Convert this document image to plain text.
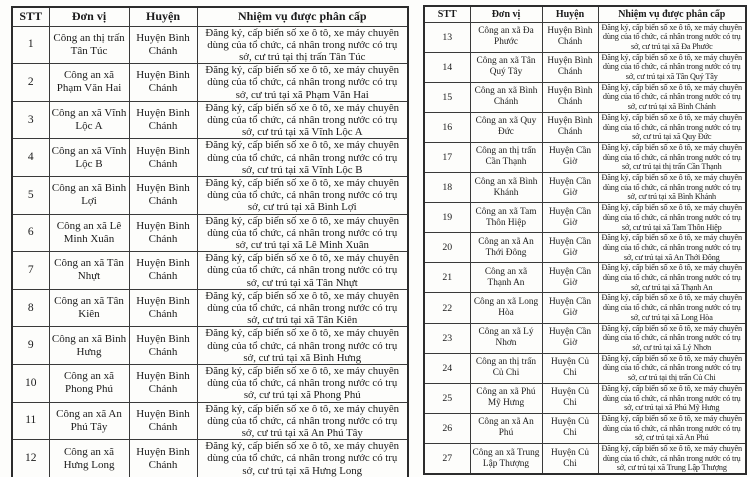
STT	Đơn vị	Huyện	Nhiệm vụ được phân cấp
1	Công an thị trấn Tân Túc	Huyện Bình Chánh	Đăng ký, cấp biển số xe ô tô, xe máy chuyên dùng của tổ chức, cá nhân trong nước có trụ sở, cư trú tại thị trấn Tân Túc
2	Công an xã Phạm Văn Hai	Huyện Bình Chánh	Đăng ký, cấp biển số xe ô tô, xe máy chuyên dùng của tổ chức, cá nhân trong nước có trụ sở, cư trú tại xã Phạm Văn Hai
3	Công an xã Vĩnh Lộc A	Huyện Bình Chánh	Đăng ký, cấp biển số xe ô tô, xe máy chuyên dùng của tổ chức, cá nhân trong nước có trụ sở, cư trú tại xã Vĩnh Lộc A
4	Công an xã Vĩnh Lộc B	Huyện Bình Chánh	Đăng ký, cấp biển số xe ô tô, xe máy chuyên dùng của tổ chức, cá nhân trong nước có trụ sở, cư trú tại xã Vĩnh Lộc B
5	Công an xã Bình Lợi	Huyện Bình Chánh	Đăng ký, cấp biển số xe ô tô, xe máy chuyên dùng của tổ chức, cá nhân trong nước có trụ sở, cư trú tại xã Bình Lợi
6	Công an xã Lê Minh Xuân	Huyện Bình Chánh	Đăng ký, cấp biển số xe ô tô, xe máy chuyên dùng của tổ chức, cá nhân trong nước có trụ sở, cư trú tại xã Lê Minh Xuân
7	Công an xã Tân Nhựt	Huyện Bình Chánh	Đăng ký, cấp biển số xe ô tô, xe máy chuyên dùng của tổ chức, cá nhân trong nước có trụ sở, cư trú tại xã Tân Nhựt
8	Công an xã Tân Kiên	Huyện Bình Chánh	Đăng ký, cấp biển số xe ô tô, xe máy chuyên dùng của tổ chức, cá nhân trong nước có trụ sở, cư trú tại xã Tân Kiên
9	Công an xã Bình Hưng	Huyện Bình Chánh	Đăng ký, cấp biển số xe ô tô, xe máy chuyên dùng của tổ chức, cá nhân trong nước có trụ sở, cư trú tại xã Bình Hưng
10	Công an xã Phong Phú	Huyện Bình Chánh	Đăng ký, cấp biển số xe ô tô, xe máy chuyên dùng của tổ chức, cá nhân trong nước có trụ sở, cư trú tại xã Phong Phú
11	Công an xã An Phú Tây	Huyện Bình Chánh	Đăng ký, cấp biển số xe ô tô, xe máy chuyên dùng của tổ chức, cá nhân trong nước có trụ sở, cư trú tại xã An Phú Tây
12	Công an xã Hưng Long	Huyện Bình Chánh	Đăng ký, cấp biển số xe ô tô, xe máy chuyên dùng của tổ chức, cá nhân trong nước có trụ sở, cư trú tại xã Hưng Long
STT	Đơn vị	Huyện	Nhiệm vụ được phân cấp
13	Công an xã Đa Phước	Huyện Bình Chánh	Đăng ký, cấp biển số xe ô tô, xe máy chuyên dùng của tổ chức, cá nhân trong nước có trụ sở, cư trú tại xã Đa Phước
14	Công an xã Tân Quý Tây	Huyện Bình Chánh	Đăng ký, cấp biển số xe ô tô, xe máy chuyên dùng của tổ chức, cá nhân trong nước có trụ sở, cư trú tại xã Tân Quý Tây
15	Công an xã Bình Chánh	Huyện Bình Chánh	Đăng ký, cấp biển số xe ô tô, xe máy chuyên dùng của tổ chức, cá nhân trong nước có trụ sở, cư trú tại xã Bình Chánh
16	Công an xã Quy Đức	Huyện Bình Chánh	Đăng ký, cấp biển số xe ô tô, xe máy chuyên dùng của tổ chức, cá nhân trong nước có trụ sở, cư trú tại xã Quy Đức
17	Công an thị trấn Cần Thạnh	Huyện Cần Giờ	Đăng ký, cấp biển số xe ô tô, xe máy chuyên dùng của tổ chức, cá nhân trong nước có trụ sở, cư trú tại thị trấn Cần Thạnh
18	Công an xã Bình Khánh	Huyện Cần Giờ	Đăng ký, cấp biển số xe ô tô, xe máy chuyên dùng của tổ chức, cá nhân trong nước có trụ sở, cư trú tại xã Bình Khánh
19	Công an xã Tam Thôn Hiệp	Huyện Cần Giờ	Đăng ký, cấp biển số xe ô tô, xe máy chuyên dùng của tổ chức, cá nhân trong nước có trụ sở, cư trú tại xã Tam Thôn Hiệp
20	Công an xã An Thới Đông	Huyện Cần Giờ	Đăng ký, cấp biển số xe ô tô, xe máy chuyên dùng của tổ chức, cá nhân trong nước có trụ sở, cư trú tại xã An Thới Đông
21	Công an xã Thạnh An	Huyện Cần Giờ	Đăng ký, cấp biển số xe ô tô, xe máy chuyên dùng của tổ chức, cá nhân trong nước có trụ sở, cư trú tại xã Thạnh An
22	Công an xã Long Hòa	Huyện Cần Giờ	Đăng ký, cấp biển số xe ô tô, xe máy chuyên dùng của tổ chức, cá nhân trong nước có trụ sở, cư trú tại xã Long Hòa
23	Công an xã Lý Nhơn	Huyện Cần Giờ	Đăng ký, cấp biển số xe ô tô, xe máy chuyên dùng của tổ chức, cá nhân trong nước có trụ sở, cư trú tại xã Lý Nhơn
24	Công an thị trấn Củ Chi	Huyện Củ Chi	Đăng ký, cấp biển số xe ô tô, xe máy chuyên dùng của tổ chức, cá nhân trong nước có trụ sở, cư trú tại thị trấn Củ Chi
25	Công an xã Phú Mỹ Hưng	Huyện Củ Chi	Đăng ký, cấp biển số xe ô tô, xe máy chuyên dùng của tổ chức, cá nhân trong nước có trụ sở, cư trú tại xã Phú Mỹ Hưng
26	Công an xã An Phú	Huyện Củ Chi	Đăng ký, cấp biển số xe ô tô, xe máy chuyên dùng của tổ chức, cá nhân trong nước có trụ sở, cư trú tại xã An Phú
27	Công an xã Trung Lập Thượng	Huyện Củ Chi	Đăng ký, cấp biển số xe ô tô, xe máy chuyên dùng của tổ chức, cá nhân trong nước có trụ sở, cư trú tại xã Trung Lập Thượng
